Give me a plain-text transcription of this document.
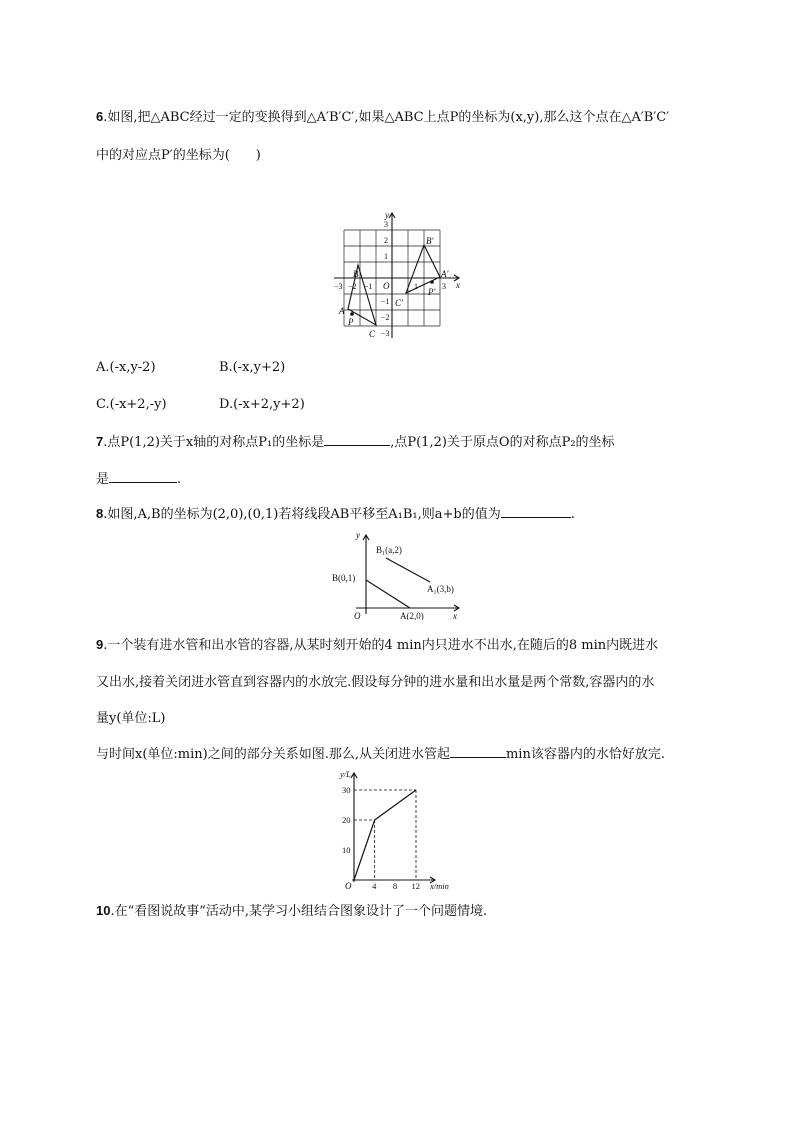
6.如图,把△ABC经过一定的变换得到△A′B′C′,如果△ABC上点P的坐标为(x,y),那么这个点在△A′B′C′
中的对应点P′的坐标为(　　)
y
x
O
A
B
C
P
A′
B′
C′
P′
−3 −2 −1	1	3
3
2
1
−1
−2
−3
A.(-x,y-2)	B.(-x,y+2)
C.(-x+2,-y)	D.(-x+2,y+2)
7.点P(1,2)关于x轴的对称点P₁的坐标是	,点P(1,2)关于原点O的对称点P₂的坐标
是	.
8.如图,A,B的坐标为(2,0),(0,1)若将线段AB平移至A₁B₁,则a+b的值为	.
y
x
O
B(0,1)
A(2,0)
B₁(a,2)
A₁(3,b)
9.一个装有进水管和出水管的容器,从某时刻开始的4 min内只进水不出水,在随后的8 min内既进水
又出水,接着关闭进水管直到容器内的水放完.假设每分钟的进水量和出水量是两个常数,容器内的水
量y(单位:L)
与时间x(单位:min)之间的部分关系如图.那么,从关闭进水管起	min该容器内的水恰好放完.
4 8 12
10
20
30
y/L
x/min
O
10.在“看图说故事”活动中,某学习小组结合图象设计了一个问题情境.
